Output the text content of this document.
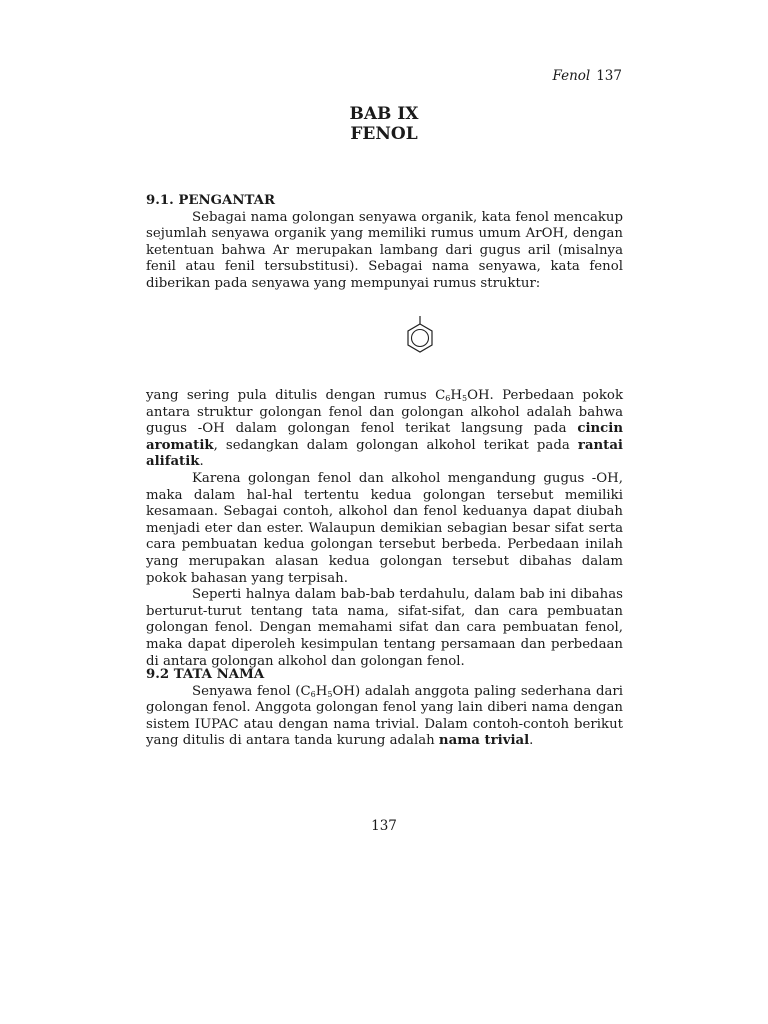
Fenol 137
BAB IX
FENOL

9.1. PENGANTAR

Sebagai nama golongan senyawa organik, kata fenol mencakup sejumlah senyawa organik yang memiliki rumus umum ArOH, dengan ketentuan bahwa Ar merupakan lambang dari gugus aril (misalnya fenil atau fenil tersubstitusi). Sebagai nama senyawa, kata fenol diberikan pada senyawa yang mempunyai rumus struktur:

yang sering pula ditulis dengan rumus $C_6H_5OH$. Perbedaan pokok antara struktur golongan fenol dan golongan alkohol adalah bahwa gugus -OH dalam golongan fenol terikat langsung pada cincin aromatik, sedangkan dalam golongan alkohol terikat pada rantai alifatik.

Karena golongan fenol dan alkohol mengandung gugus -OH, maka dalam hal-hal tertentu kedua golongan tersebut memiliki kesamaan. Sebagai contoh, alkohol dan fenol keduanya dapat diubah menjadi eter dan ester. Walaupun demikian sebagian besar sifat serta cara pembuatan kedua golongan tersebut berbeda. Perbedaan inilah yang merupakan alasan kedua golongan tersebut dibahas dalam pokok bahasan yang terpisah.

Seperti halnya dalam bab-bab terdahulu, dalam bab ini dibahas berturut-turut tentang tata nama, sifat-sifat, dan cara pembuatan golongan fenol. Dengan memahami sifat dan cara pembuatan fenol, maka dapat diperoleh kesimpulan tentang persamaan dan perbedaan di antara golongan alkohol dan golongan fenol.

9.2 TATA NAMA

Senyawa fenol $(C_6H_5OH)$ adalah anggota paling sederhana dari golongan fenol. Anggota golongan fenol yang lain diberi nama dengan sistem IUPAC atau dengan nama trivial. Dalam contoh-contoh berikut yang ditulis di antara tanda kurung adalah nama trivial.

137
